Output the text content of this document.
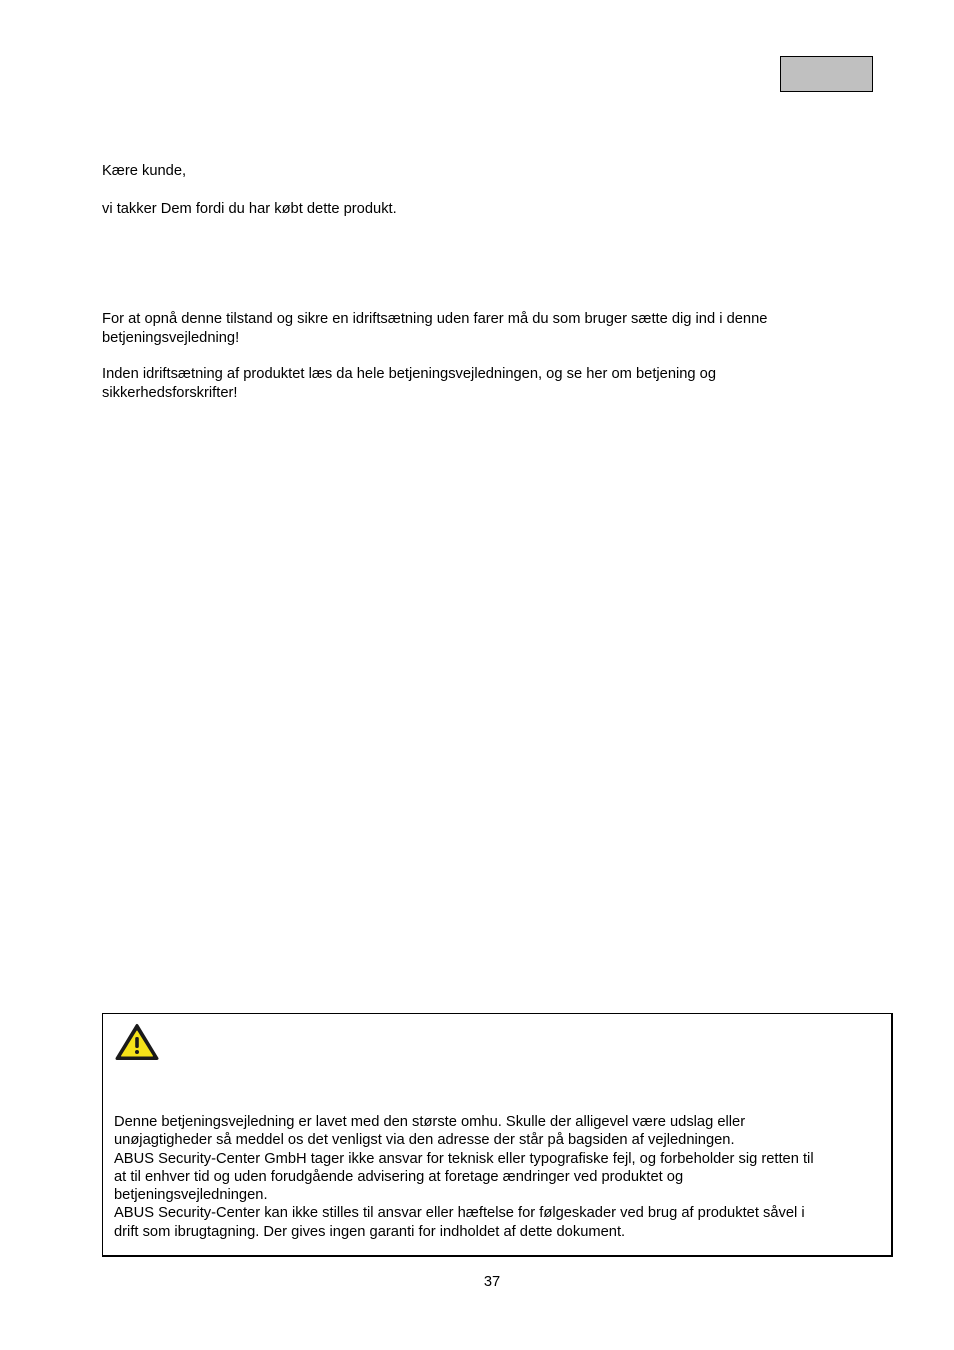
Kære kunde,
vi takker Dem fordi du har købt dette produkt.
For at opnå denne tilstand og sikre en idriftsætning uden farer må du som bruger sætte dig ind i denne
betjeningsvejledning!
Inden idriftsætning af produktet læs da hele betjeningsvejledningen, og se her om betjening og
sikkerhedsforskrifter!
Denne betjeningsvejledning er lavet med den største omhu. Skulle der alligevel være udslag eller
unøjagtigheder så meddel os det venligst via den adresse der står på bagsiden af vejledningen.
ABUS Security-Center GmbH tager ikke ansvar for teknisk eller typografiske fejl, og forbeholder sig retten til
at til enhver tid og uden forudgående advisering at foretage ændringer ved produktet og
betjeningsvejledningen.
ABUS Security-Center kan ikke stilles til ansvar eller hæftelse for følgeskader ved brug af produktet såvel i
drift som ibrugtagning. Der gives ingen garanti for indholdet af dette dokument.
37
